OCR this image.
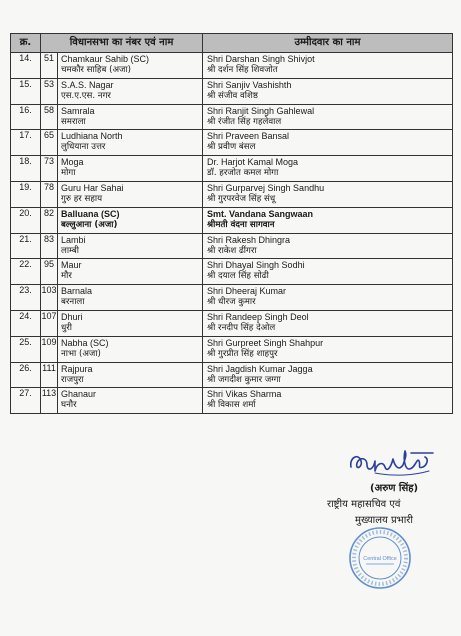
क्र.	विधानसभा का नंबर एवं नाम		उम्मीदवार का नाम
14.	51	Chamkaur Sahib (SC)
चमकौर साहिब (अजा)	Shri Darshan Singh Shivjot
श्री दर्शन सिंह शिवजोत

15.	53	S.A.S. Nagar
एस.ए.एस. नगर	Shri Sanjiv Vashishth
श्री संजीव वशिष्ठ

16.	58	Samrala
समराला	Shri Ranjit Singh Gahlewal
श्री रंजीत सिंह गहलेवाल

17.	65	Ludhiana North
लुधियाना उत्तर	Shri Praveen Bansal
श्री प्रवीण बंसल

18.	73	Moga
मोगा	Dr. Harjot Kamal Moga
डॉ. हरजोत कमल मोगा

19.	78	Guru Har Sahai
गुरु हर सहाय	Shri Gurparvej Singh Sandhu
श्री गुरपरवेज सिंह संधू

20.	82	Balluana (SC)
बल्लुआना (अजा)	Smt. Vandana Sangwaan
श्रीमती वंदना सागवान

21.	83	Lambi
लाम्बी	Shri Rakesh Dhingra
श्री राकेश ढींगरा

22.	95	Maur
मौर	Shri Dhayal Singh Sodhi
श्री दयाल सिंह सोढी

23.	103	Barnala
बरनाला	Shri Dheeraj Kumar
श्री धीरज कुमार

24.	107	Dhuri
धुरी	Shri Randeep Singh Deol
श्री रनदीप सिंह देओल

25.	109	Nabha (SC)
नाभा (अजा)	Shri Gurpreet Singh Shahpur
श्री गुरप्रीत सिंह शाहपुर

26.	111	Rajpura
राजपुरा	Shri Jagdish Kumar Jagga
श्री जगदीश कुमार जग्गा

27.	113	Ghanaur
घनौर	Shri Vikas Sharma
श्री विकास शर्मा
(अरुण सिंह)
राष्ट्रीय महासचिव एवं
मुख्यालय प्रभारी
Central Office
